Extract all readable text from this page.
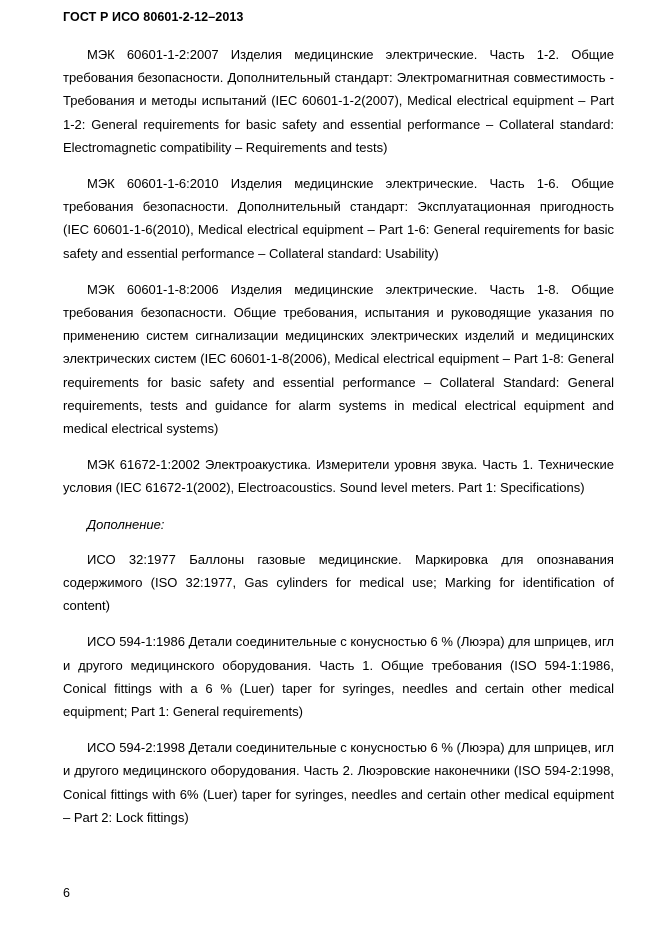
ГОСТ Р ИСО 80601-2-12–2013

МЭК 60601-1-2:2007 Изделия медицинские электрические. Часть 1-2. Общие требования безопасности. Дополнительный стандарт: Электромагнитная совместимость - Требования и методы испытаний (IEC 60601-1-2(2007), Medical electrical equipment – Part 1-2: General requirements for basic safety and essential performance – Collateral standard: Electromagnetic compatibility – Requirements and tests)

МЭК 60601-1-6:2010 Изделия медицинские электрические. Часть 1-6. Общие требования безопасности. Дополнительный стандарт: Эксплуатационная пригодность (IEC 60601-1-6(2010), Medical electrical equipment – Part 1-6: General requirements for basic safety and essential performance – Collateral standard: Usability)

МЭК 60601-1-8:2006 Изделия медицинские электрические. Часть 1-8. Общие требования безопасности. Общие требования, испытания и руководящие указания по применению систем сигнализации медицинских электрических изделий и медицинских электрических систем (IEC 60601-1-8(2006), Medical electrical equipment – Part 1-8: General requirements for basic safety and essential performance – Collateral Standard: General requirements, tests and guidance for alarm systems in medical electrical equipment and medical electrical systems)

МЭК 61672-1:2002 Электроакустика. Измерители уровня звука. Часть 1. Технические условия (IEC 61672-1(2002), Electroacoustics. Sound level meters. Part 1: Specifications)

Дополнение:

ИСО 32:1977 Баллоны газовые медицинские. Маркировка для опознавания содержимого (ISO 32:1977, Gas cylinders for medical use; Marking for identification of content)

ИСО 594-1:1986 Детали соединительные с конусностью 6 % (Люэра) для шприцев, игл и другого медицинского оборудования. Часть 1. Общие требования (ISO 594-1:1986, Conical fittings with a 6 % (Luer) taper for syringes, needles and certain other medical equipment; Part 1: General requirements)

ИСО 594-2:1998 Детали соединительные с конусностью 6 % (Люэра) для шприцев, игл и другого медицинского оборудования. Часть 2. Люэровские наконечники (ISO 594-2:1998, Conical fittings with 6% (Luer) taper for syringes, needles and certain other medical equipment – Part 2: Lock fittings)

6
